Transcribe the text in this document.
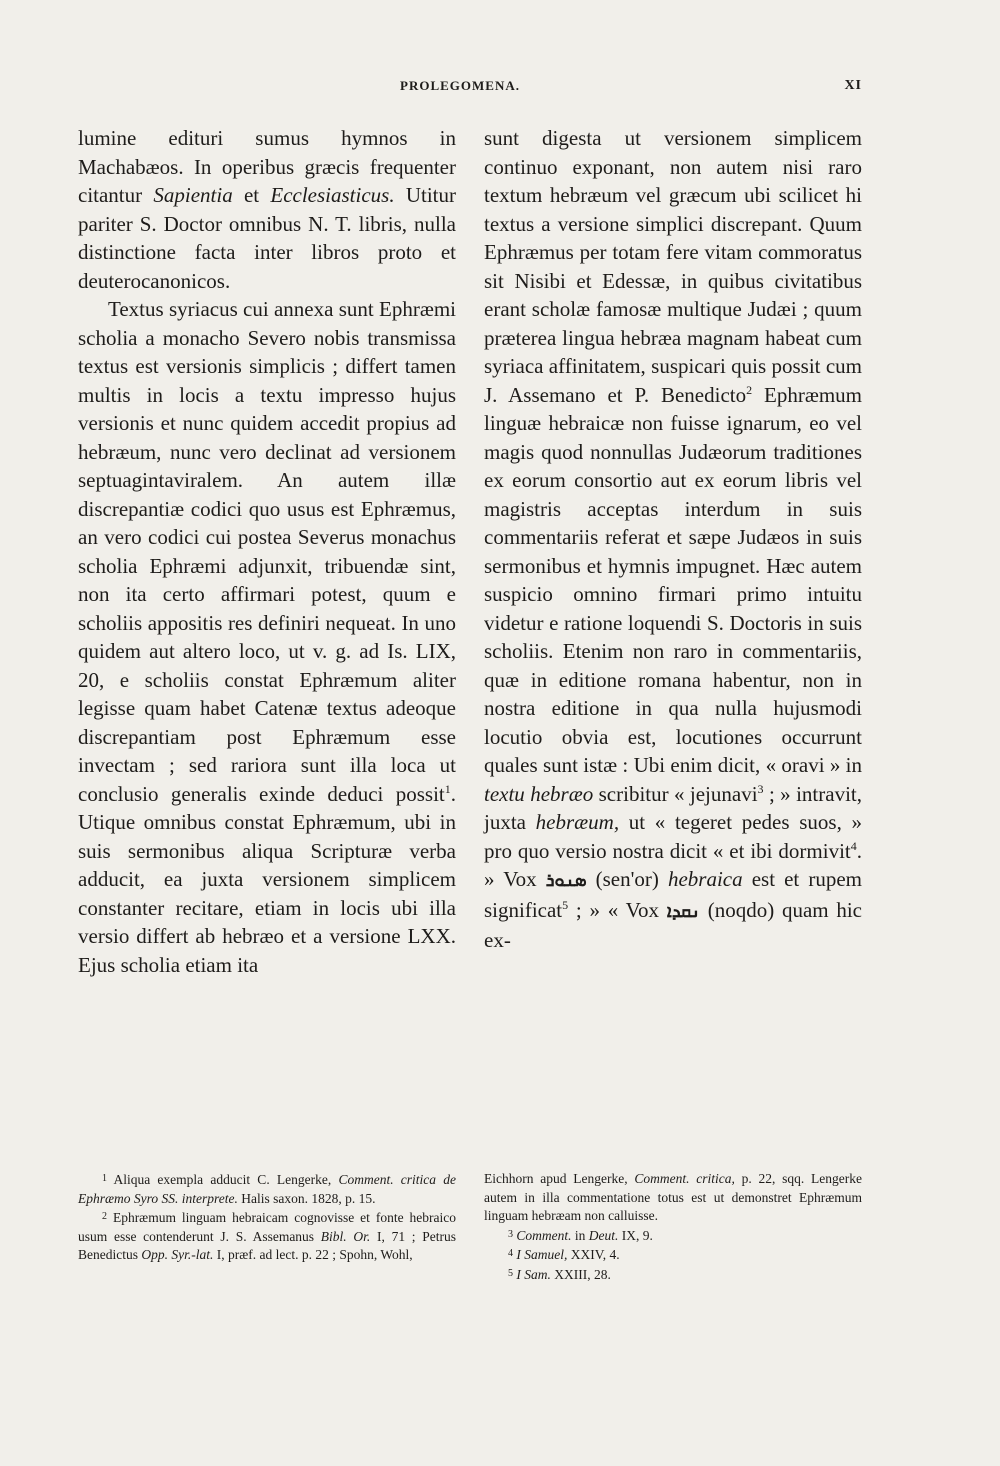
PROLEGOMENA.	XI

lumine edituri sumus hymnos in Machabæos. In operibus græcis frequenter citantur Sapientia et Ecclesiasticus. Utitur pariter S. Doctor omnibus N. T. libris, nulla distinctione facta inter libros proto et deuterocanonicos.

Textus syriacus cui annexa sunt Ephræmi scholia a monacho Severo nobis transmissa textus est versionis simplicis ; differt tamen multis in locis a textu impresso hujus versionis et nunc quidem accedit propius ad hebræum, nunc vero declinat ad versionem septuagintaviralem. An autem illæ discrepantiæ codici quo usus est Ephræmus, an vero codici cui postea Severus monachus scholia Ephræmi adjunxit, tribuendæ sint, non ita certo affirmari potest, quum e scholiis appositis res definiri nequeat. In uno quidem aut altero loco, ut v. g. ad Is. LIX, 20, e scholiis constat Ephræmum aliter legisse quam habet Catenæ textus adeoque discrepantiam post Ephræmum esse invectam ; sed rariora sunt illa loca ut conclusio generalis exinde deduci possit$^1$. Utique omnibus constat Ephræmum, ubi in suis sermonibus aliqua Scripturæ verba adducit, ea juxta versionem simplicem constanter recitare, etiam in locis ubi illa versio differt ab hebræo et a versione LXX. Ejus scholia etiam ita

sunt digesta ut versionem simplicem continuo exponant, non autem nisi raro textum hebræum vel græcum ubi scilicet hi textus a versione simplici discrepant. Quum Ephræmus per totam fere vitam commoratus sit Nisibi et Edessæ, in quibus civitatibus erant scholæ famosæ multique Judæi ; quum præterea lingua hebræa magnam habeat cum syriaca affinitatem, suspicari quis possit cum J. Assemano et P. Benedicto$^2$ Ephræmum linguæ hebraicæ non fuisse ignarum, eo vel magis quod nonnullas Judæorum traditiones ex eorum consortio aut ex eorum libris vel magistris acceptas interdum in suis commentariis referat et sæpe Judæos in suis sermonibus et hymnis impugnet. Hæc autem suspicio omnino firmari primo intuitu videtur e ratione loquendi S. Doctoris in suis scholiis. Etenim non raro in commentariis, quæ in editione romana habentur, non in nostra editione in qua nulla hujusmodi locutio obvia est, locutiones occurrunt quales sunt istæ : Ubi enim dicit, « oravi » in textu hebræo scribitur « jejunavi$^3$ ; » intravit, juxta hebræum, ut « tegeret pedes suos, » pro quo versio nostra dicit « et ibi dormivit$^4$. » Vox ܣܢܘܪ (sen'or) hebraica est et rupem significat$^5$ ; » « Vox ܢܩܕܐ (noqdo) quam hic ex-

$^1$ Aliqua exempla adducit C. Lengerke, Comment. critica de Ephræmo Syro SS. interprete. Halis saxon. 1828, p. 15.

$^2$ Ephræmum linguam hebraicam cognovisse et fonte hebraico usum esse contenderunt J. S. Assemanus Bibl. Or. I, 71 ; Petrus Benedictus Opp. Syr.-lat. I, præf. ad lect. p. 22 ; Spohn, Wohl,

Eichhorn apud Lengerke, Comment. critica, p. 22, sqq. Lengerke autem in illa commentatione totus est ut demonstret Ephræmum linguam hebræam non calluisse.

$^3$ Comment. in Deut. IX, 9.

$^4$ I Samuel, XXIV, 4.

$^5$ I Sam. XXIII, 28.
